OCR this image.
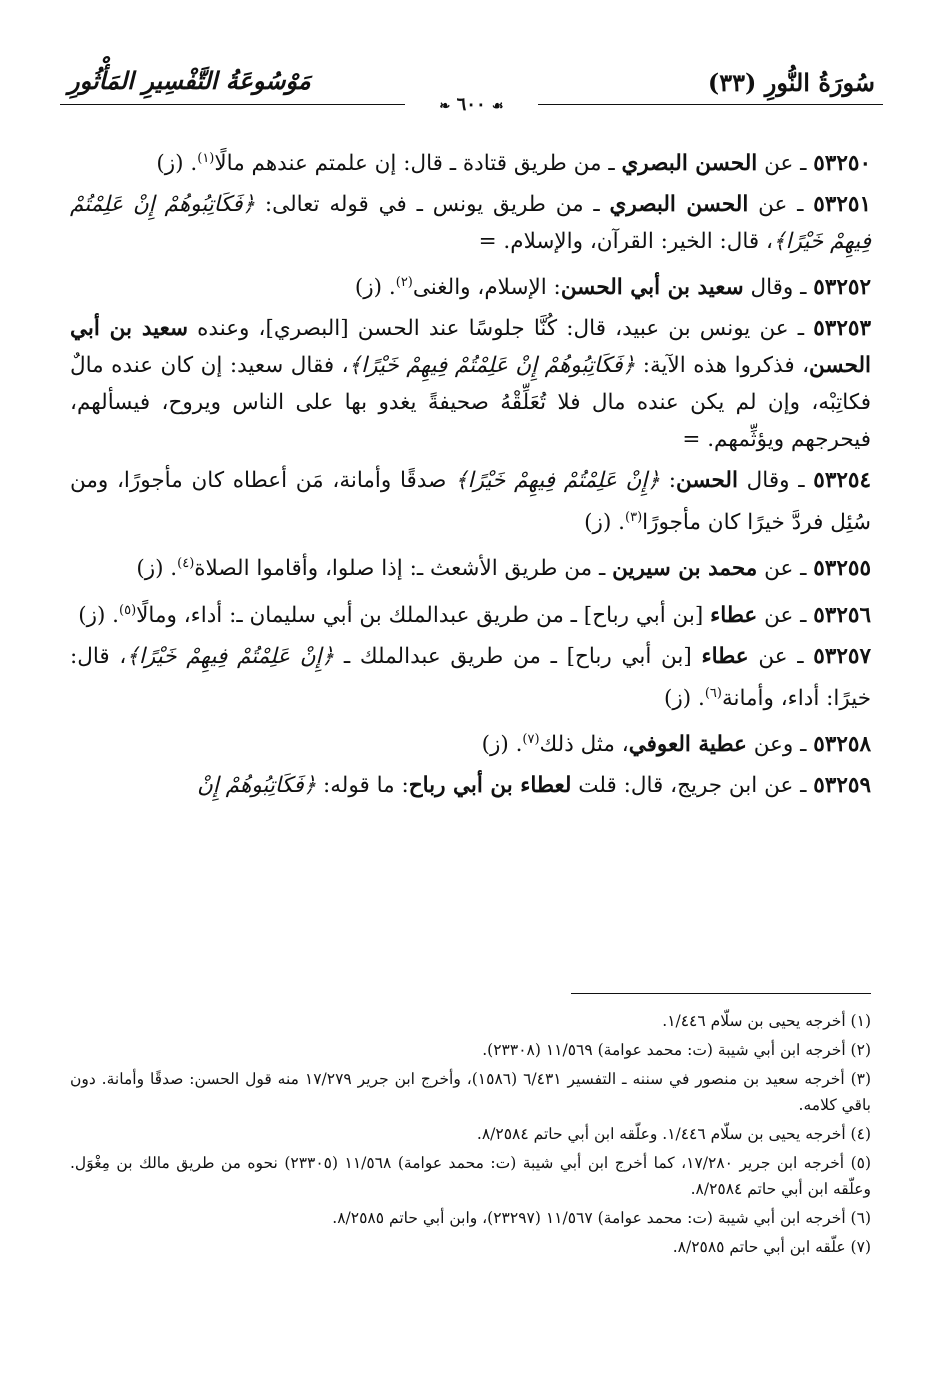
سُورَةُ النُّورِ (٣٣)
مَوْسُوعَةُ التَّفْسِيرِ المَأْثُورِ
❧ ٦٠٠ ☙

٥٣٢٥٠ ـ عن الحسن البصري ـ من طريق قتادة ـ قال: إن علمتم عندهم مالًا$^{(١)}$. (ز)

٥٣٢٥١ ـ عن الحسن البصري ـ من طريق يونس ـ في قوله تعالى: ﴿فَكَاتِبُوهُمْ إِنْ عَلِمْتُمْ فِيهِمْ خَيْرًا﴾، قال: الخير: القرآن، والإسلام. =

٥٣٢٥٢ ـ وقال سعيد بن أبي الحسن: الإسلام، والغنى$^{(٢)}$. (ز)

٥٣٢٥٣ ـ عن يونس بن عبيد، قال: كُنَّا جلوسًا عند الحسن [البصري]، وعنده سعيد بن أبي الحسن، فذكروا هذه الآية: ﴿فَكَاتِبُوهُمْ إِنْ عَلِمْتُمْ فِيهِمْ خَيْرًا﴾، فقال سعيد: إن كان عنده مالٌ فكاتِبْه، وإن لم يكن عنده مال فلا تُعَلِّقْهُ صحيفةً يغدو بها على الناس ويروح، فيسألهم، فيحرجهم ويؤثِّمهم. =

٥٣٢٥٤ ـ وقال الحسن: ﴿إِنْ عَلِمْتُمْ فِيهِمْ خَيْرًا﴾ صدقًا وأمانة، مَن أعطاه كان مأجورًا، ومن سُئِل فردَّ خيرًا كان مأجورًا$^{(٣)}$. (ز)

٥٣٢٥٥ ـ عن محمد بن سيرين ـ من طريق الأشعث ـ: إذا صلوا، وأقاموا الصلاة$^{(٤)}$. (ز)

٥٣٢٥٦ ـ عن عطاء [بن أبي رباح] ـ من طريق عبدالملك بن أبي سليمان ـ: أداء، ومالًا$^{(٥)}$. (ز)

٥٣٢٥٧ ـ عن عطاء [بن أبي رباح] ـ من طريق عبدالملك ـ ﴿إِنْ عَلِمْتُمْ فِيهِمْ خَيْرًا﴾، قال: خيرًا: أداء، وأمانة$^{(٦)}$. (ز)

٥٣٢٥٨ ـ وعن عطية العوفي، مثل ذلك$^{(٧)}$. (ز)

٥٣٢٥٩ ـ عن ابن جريج، قال: قلت لعطاء بن أبي رباح: ما قوله: ﴿فَكَاتِبُوهُمْ إِنْ

(١) أخرجه يحيى بن سلّام ١/٤٤٦.

(٢) أخرجه ابن أبي شيبة (ت: محمد عوامة) ١١/٥٦٩ (٢٣٣٠٨).

(٣) أخرجه سعيد بن منصور في سننه ـ التفسير ٦/٤٣١ (١٥٨٦)، وأخرج ابن جرير ١٧/٢٧٩ منه قول الحسن: صدقًا وأمانة. دون باقي كلامه.

(٤) أخرجه يحيى بن سلّام ١/٤٤٦. وعلّقه ابن أبي حاتم ٨/٢٥٨٤.

(٥) أخرجه ابن جرير ١٧/٢٨٠، كما أخرج ابن أبي شيبة (ت: محمد عوامة) ١١/٥٦٨ (٢٣٣٠٥) نحوه من طريق مالك بن مِغْوَل. وعلّقه ابن أبي حاتم ٨/٢٥٨٤.

(٦) أخرجه ابن أبي شيبة (ت: محمد عوامة) ١١/٥٦٧ (٢٣٢٩٧)، وابن أبي حاتم ٨/٢٥٨٥.

(٧) علّقه ابن أبي حاتم ٨/٢٥٨٥.
